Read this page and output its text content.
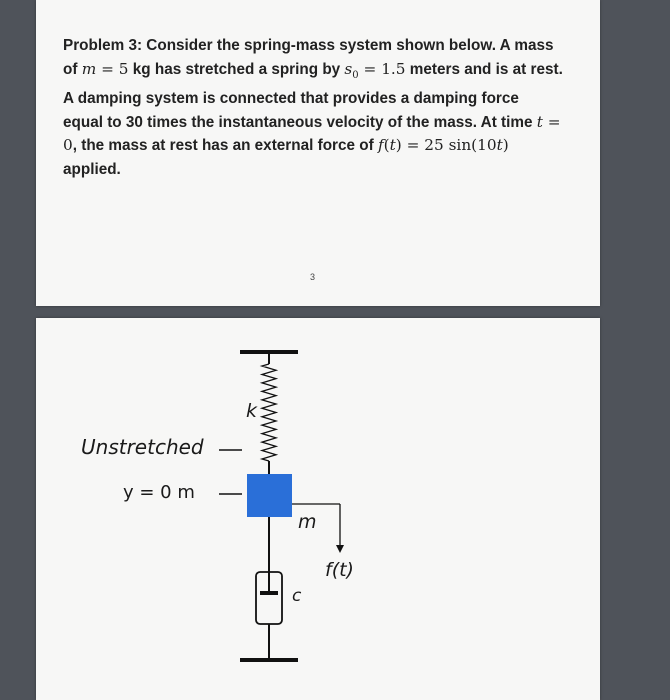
Problem 3: Consider the spring-mass system shown below. A mass of m = 5 kg has stretched a spring by $s_0 = 1.5$ meters and is at rest. A damping system is connected that provides a damping force equal to 30 times the instantaneous velocity of the mass. At time t = 0, the mass at rest has an external force of f(t) = 25 sin(10t) applied.
3
k
Unstretched
y = 0 m
m
f(t)
c
